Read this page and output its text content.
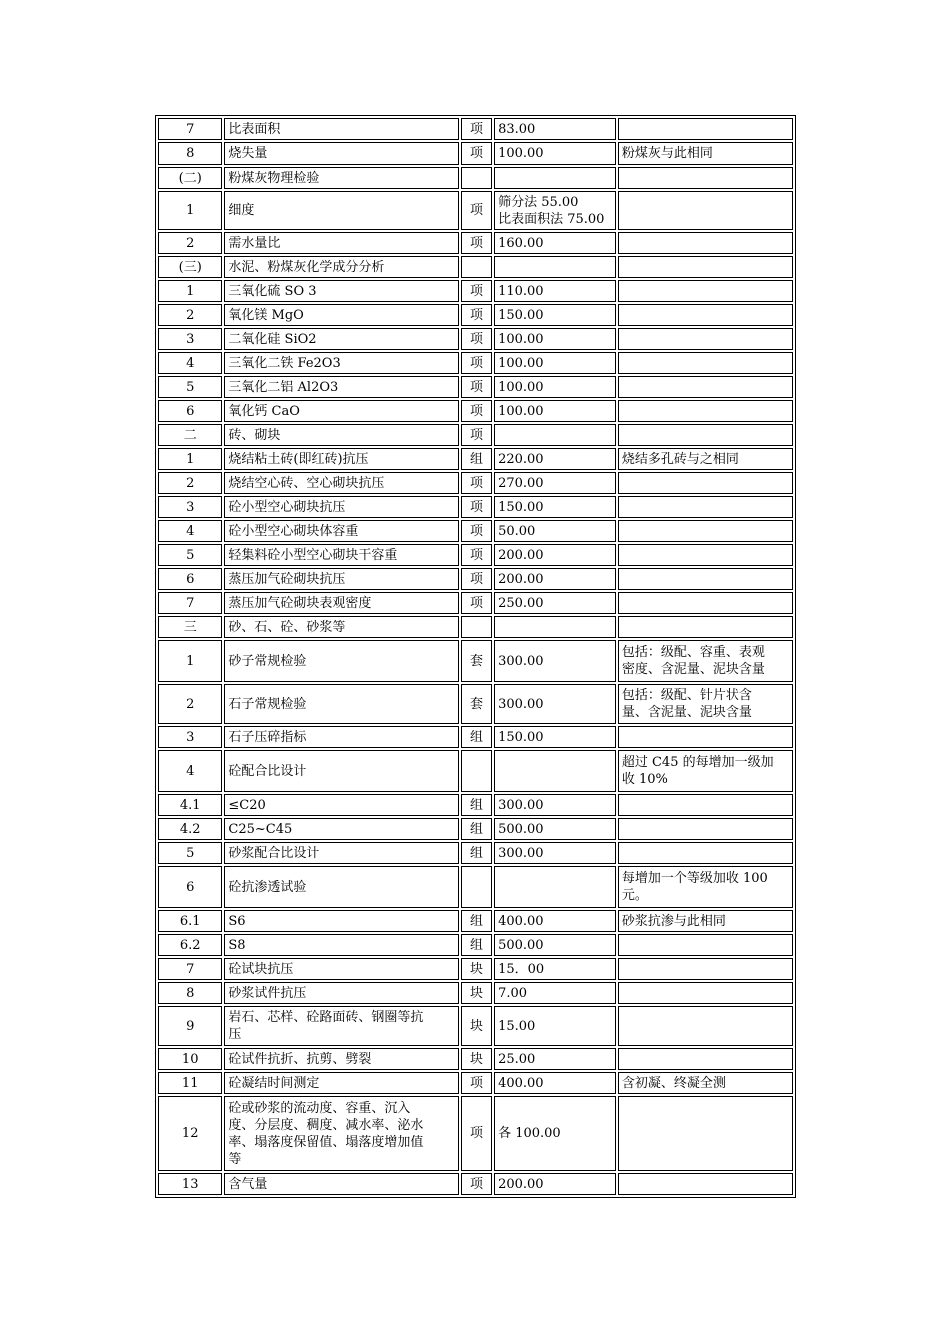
7	比表面积	项	83.00	
8	烧失量	项	100.00	粉煤灰与此相同
(二)	粉煤灰物理检验			
1	细度	项	筛分法 55.00
比表面积法 75.00	
2	需水量比	项	160.00	
(三)	水泥、粉煤灰化学成分分析			
1	三氧化硫 SO 3	项	110.00	
2	氧化镁 MgO	项	150.00	
3	二氧化硅 SiO2	项	100.00	
4	三氧化二铁 Fe2O3	项	100.00	
5	三氧化二铝 Al2O3	项	100.00	
6	氧化钙 CaO	项	100.00	
二	砖、砌块	项		
1	烧结粘土砖(即红砖)抗压	组	220.00	烧结多孔砖与之相同
2	烧结空心砖、空心砌块抗压	项	270.00	
3	砼小型空心砌块抗压	项	150.00	
4	砼小型空心砌块体容重	项	50.00	
5	轻集料砼小型空心砌块干容重	项	200.00	
6	蒸压加气砼砌块抗压	项	200.00	
7	蒸压加气砼砌块表观密度	项	250.00	
三	砂、石、砼、砂浆等			
1	砂子常规检验	套	300.00	包括：级配、容重、表观
密度、含泥量、泥块含量
2	石子常规检验	套	300.00	包括：级配、针片状含
量、含泥量、泥块含量
3	石子压碎指标	组	150.00	
4	砼配合比设计			超过 C45 的每增加一级加
收 10%
4.1	≤C20	组	300.00	
4.2	C25~C45	组	500.00	
5	砂浆配合比设计	组	300.00	
6	砼抗渗透试验			每增加一个等级加收 100
元。
6.1	S6	组	400.00	砂浆抗渗与此相同
6.2	S8	组	500.00	
7	砼试块抗压	块	15．00	
8	砂浆试件抗压	块	7.00	
9	岩石、芯样、砼路面砖、钢圈等抗
压	块	15.00	
10	砼试件抗折、抗剪、劈裂	块	25.00	
11	砼凝结时间测定	项	400.00	含初凝、终凝全测
12	砼或砂浆的流动度、容重、沉入
度、分层度、稠度、减水率、泌水
率、塌落度保留值、塌落度增加值
等	项	各 100.00	
13	含气量	项	200.00	
